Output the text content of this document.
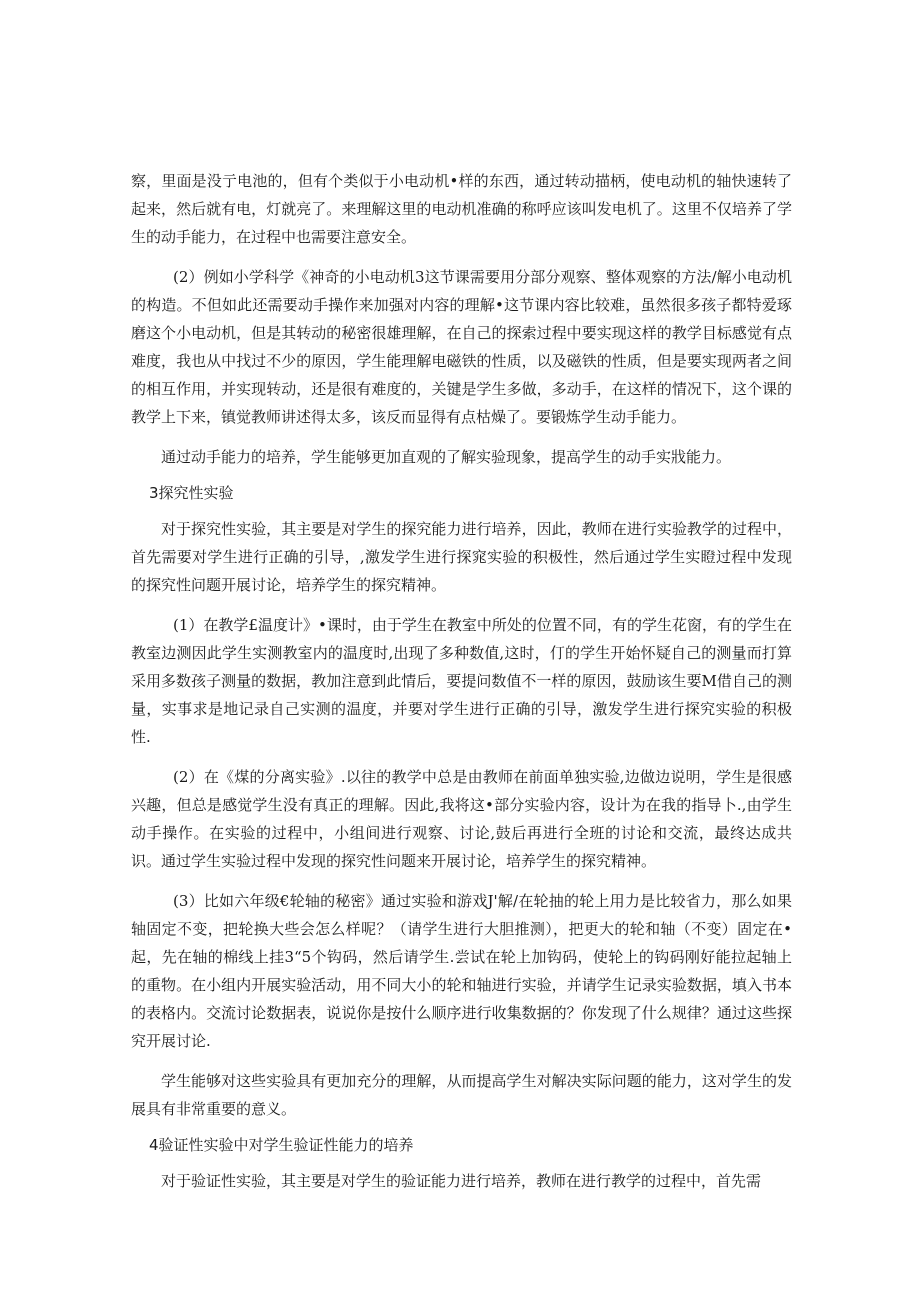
察，里面是没亍电池的，但有个类似于小电动机•样的东西，通过转动描柄，使电动机的轴快速转了起来，然后就有电，灯就亮了。来理解这里的电动机准确的称呼应该叫发电机了。这里不仅培养了学生的动手能力，在过程中也需要注意安全。

(2）例如小学科学《神奇的小电动机3这节课需要用分部分观察、整体观察的方法/解小电动机的构造。不但如此还需要动手操作来加强对内容的理解•这节课内容比较难，虽然很多孩子都特爱琢磨这个小电动机，但是其转动的秘密很雄理解，在自己的探索过程中要实现这样的教学目标感觉有点难度，我也从中找过不少的原因，学生能理解电磁铁的性质，以及磁铁的性质，但是要实现两者之间的相互作用，并实现转动，还是很有难度的，关键是学生多做，多动手，在这样的情况下，这个课的教学上下来，镇觉教师讲述得太多，该反而显得有点枯燥了。要锻炼学生动手能力。

通过动手能力的培养，学生能够更加直观的了解实验现象，提高学生的动手实戕能力。

3探究性实验

对于探究性实验，其主要是对学生的探究能力进行培养，因此，教师在进行实验教学的过程中，首先需要对学生进行正确的引导，,激发学生进行探窕实验的积极性，然后通过学生实瞪过程中发现的探究性问题开展讨论，培养学生的探究精神。

(1）在教学£温度计》•课时，由于学生在教室中所处的位置不同，有的学生花窗，有的学生在教室边测因此学生实测教室内的温度时,出现了多种数值,这时，仃的学生开始怀疑自己的测量而打算采用多数孩子测量的数据，教加注意到此情后，要提问数值不一样的原因，鼓励该生要M借自己的测量，实事求是地记录自己实测的温度，并要对学生进行正确的引导，激发学生进行探究实验的积极性.

(2）在《煤的分离实验》.以往的教学中总是由教师在前面单独实验,边做边说明，学生是很感兴趣，但总是感觉学生没有真正的理解。因此,我将这•部分实验内容，设计为在我的指导卜.,由学生动手操作。在实验的过程中，小组间进行观察、讨论,鼓后再进行全班的讨论和交流，最终达成共识。通过学生实验过程中发现的探究性问题来开展讨论，培养学生的探究精神。

(3）比如六年级€轮轴的秘密》通过实验和游戏J'解/在轮抽的轮上用力是比较省力，那么如果轴固定不变，把轮换大些会怎么样呢？（请学生进行大胆推测），把更大的轮和轴（不变）固定在•起，先在轴的棉线上挂3“5个钩码，然后请学生.尝试在轮上加钩码，使轮上的钩码刚好能拉起轴上的重物。在小组内开展实验活动，用不同大小的轮和轴进行实验，并请学生记录实验数据，填入书本的表格内。交流讨论数据表，说说你是按什么顺序进行收集数据的？你发现了什么规律？通过这些探究开展讨论.

学生能够对这些实验具有更加充分的理解，从而提高学生对解决实际问题的能力，这对学生的发展具有非常重要的意义。

4验证性实验中对学生验证性能力的培养

对于验证性实验，其主要是对学生的验证能力进行培养，教师在进行教学的过程中，首先需
